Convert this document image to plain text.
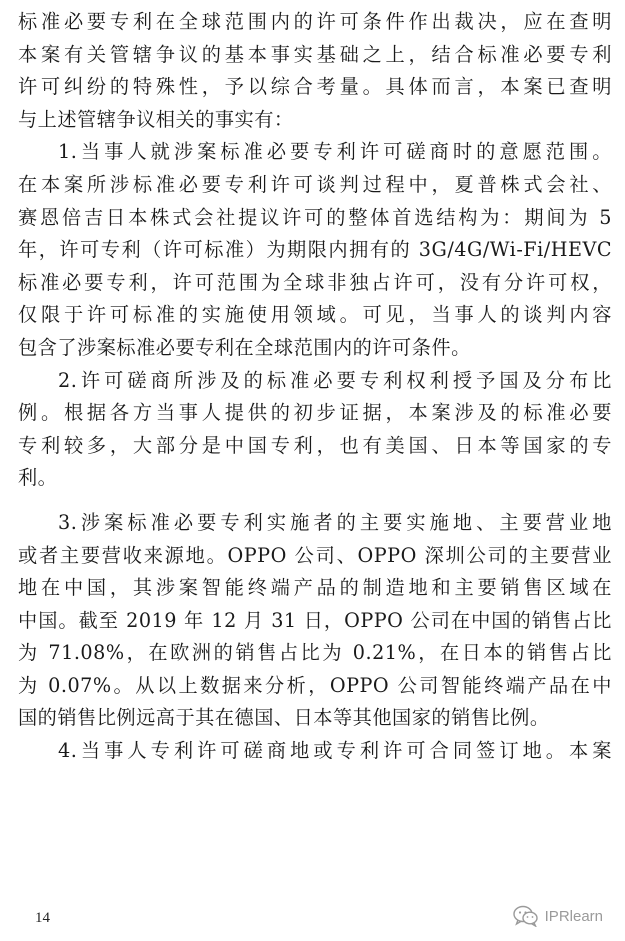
标准必要专利在全球范围内的许可条件作出裁决，应在查明
本案有关管辖争议的基本事实基础之上，结合标准必要专利
许可纠纷的特殊性，予以综合考量。具体而言，本案已查明
与上述管辖争议相关的事实有：
1.当事人就涉案标准必要专利许可磋商时的意愿范围。
在本案所涉标准必要专利许可谈判过程中，夏普株式会社、
赛恩倍吉日本株式会社提议许可的整体首选结构为：期间为 5
年，许可专利（许可标准）为期限内拥有的 3G/4G/Wi-Fi/HEVC
标准必要专利，许可范围为全球非独占许可，没有分许可权，
仅限于许可标准的实施使用领域。可见，当事人的谈判内容
包含了涉案标准必要专利在全球范围内的许可条件。
2.许可磋商所涉及的标准必要专利权利授予国及分布比
例。根据各方当事人提供的初步证据，本案涉及的标准必要
专利较多，大部分是中国专利，也有美国、日本等国家的专
利。
3.涉案标准必要专利实施者的主要实施地、主要营业地
或者主要营收来源地。OPPO 公司、OPPO 深圳公司的主要营业
地在中国，其涉案智能终端产品的制造地和主要销售区域在
中国。截至 2019 年 12 月 31 日，OPPO 公司在中国的销售占比
为 71.08%，在欧洲的销售占比为 0.21%，在日本的销售占比
为 0.07%。从以上数据来分析，OPPO 公司智能终端产品在中
国的销售比例远高于其在德国、日本等其他国家的销售比例。
4.当事人专利许可磋商地或专利许可合同签订地。本案
14	IPRlearn
